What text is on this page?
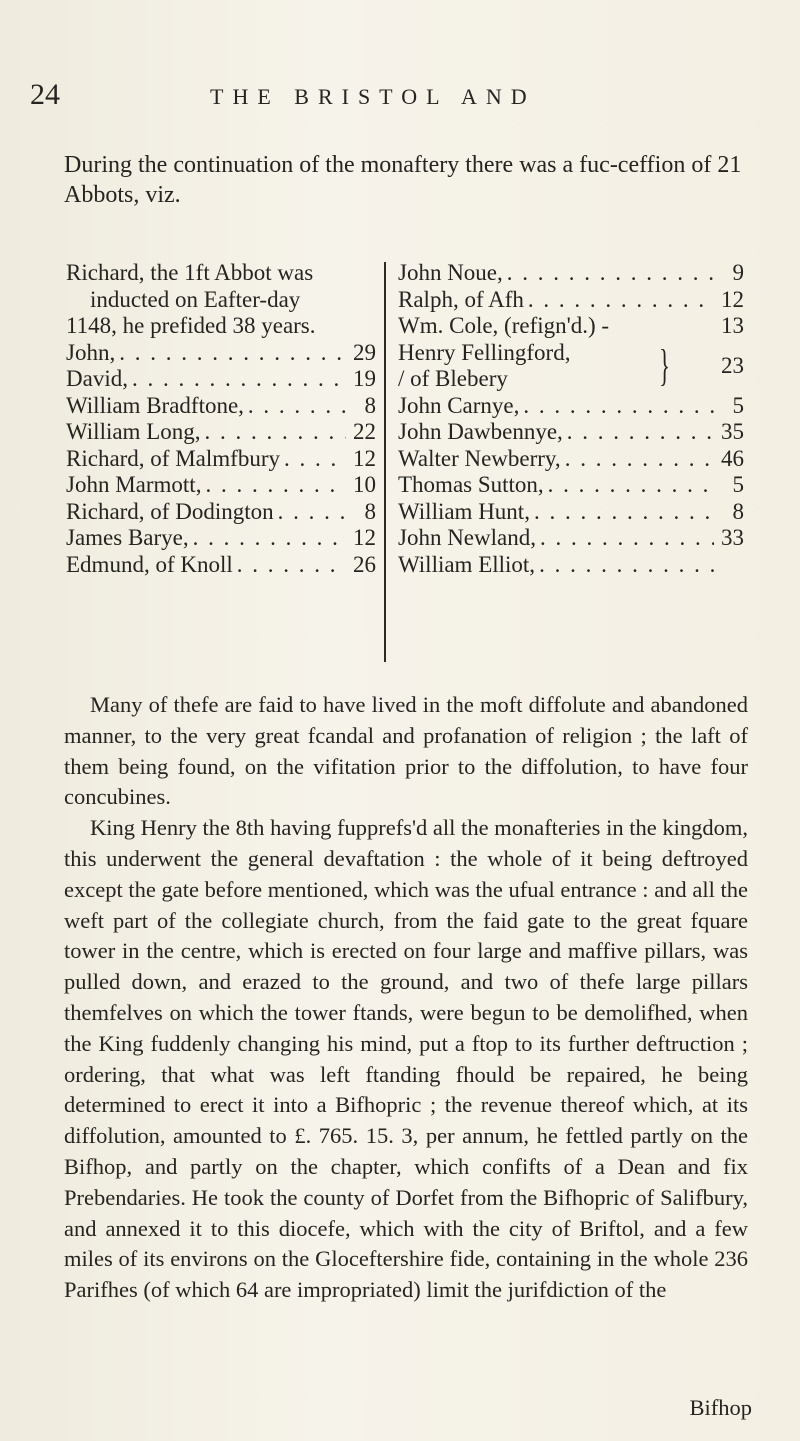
24	THE BRISTOL AND
During the continuation of the monaftery there was a fuc-ceffion of 21 Abbots, viz.
Richard, the 1ft Abbot was
inducted on Eafter-day
1148, he prefided 38 years.
John, . . .	29
David, . . .	19
William Bradftone, . . .	8
William Long, . . .	22
Richard, of Malmfbury . . .	12
John Marmott, . . .	10
Richard, of Dodington . . .	8
James Barye, . . .	12
Edmund, of Knoll . . .	26
John Noue, . . .	9
Ralph, of Afh . . .	12
Wm. Cole, (refign'd.) -	13
Henry Fellingford,
/ of Blebery	} 23
John Carnye, . . .	5
John Dawbennye, . . .	35
Walter Newberry, . . .	46
Thomas Sutton, . . .	5
William Hunt, . . .	8
John Newland, . . .	33
William Elliot,
. . .

Many of thefe are faid to have lived in the moft diffolute and abandoned manner, to the very great fcandal and profanation of religion ; the laft of them being found, on the vifitation prior to the diffolution, to have four concubines.

King Henry the 8th having fupprefs'd all the monafteries in the kingdom, this underwent the general devaftation : the whole of it being deftroyed except the gate before mentioned, which was the ufual entrance : and all the weft part of the collegiate church, from the faid gate to the great fquare tower in the centre, which is erected on four large and maffive pillars, was pulled down, and erazed to the ground, and two of thefe large pillars themfelves on which the tower ftands, were begun to be demolifhed, when the King fuddenly changing his mind, put a ftop to its further deftruction ; ordering, that what was left ftanding fhould be repaired, he being determined to erect it into a Bifhopric ; the revenue thereof which, at its diffolution, amounted to £. 765. 15. 3, per annum, he fettled partly on the Bifhop, and partly on the chapter, which confifts of a Dean and fix Prebendaries. He took the county of Dorfet from the Bifhopric of Salifbury, and annexed it to this diocefe, which with the city of Briftol, and a few miles of its environs on the Gloceftershire fide, containing in the whole 236 Parifhes (of which 64 are impropriated) limit the jurifdiction of the

Bifhop
